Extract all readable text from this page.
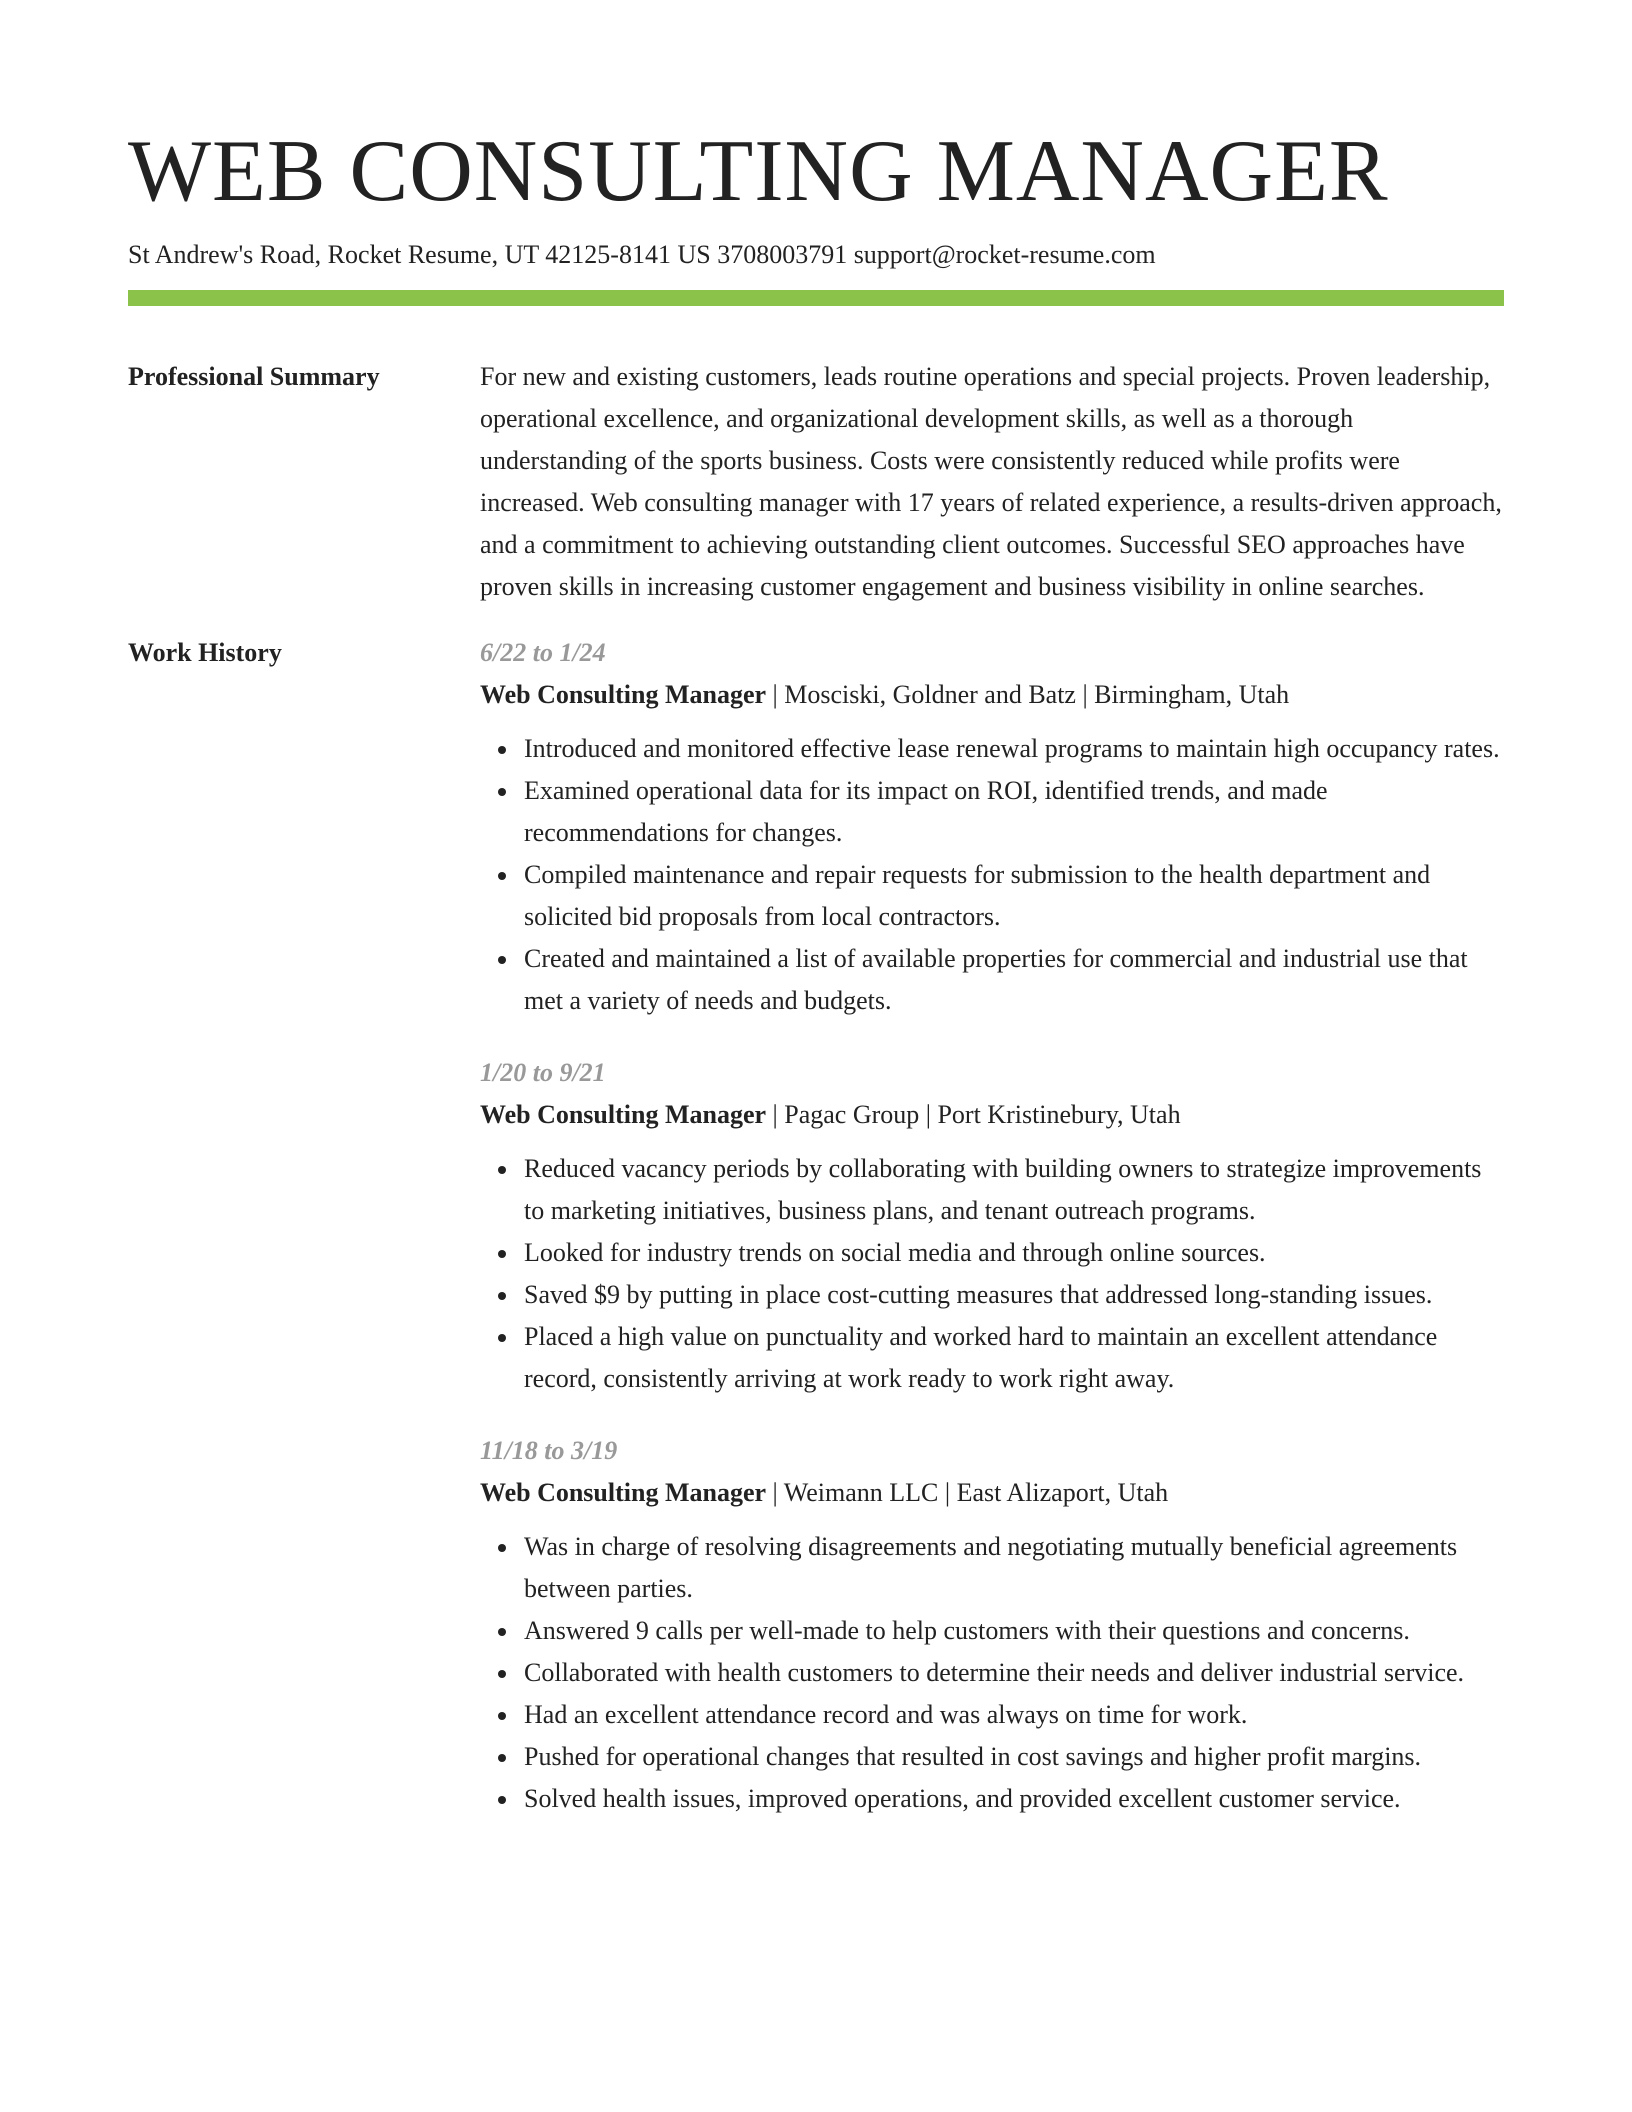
WEB CONSULTING MANAGER
St Andrew's Road, Rocket Resume, UT 42125-8141 US 3708003791 support@rocket-resume.com
Professional Summary	For new and existing customers, leads routine operations and special projects. Proven leadership, operational excellence, and organizational development skills, as well as a thorough understanding of the sports business. Costs were consistently reduced while profits were increased. Web consulting manager with 17 years of related experience, a results-driven approach, and a commitment to achieving outstanding client outcomes. Successful SEO approaches have proven skills in increasing customer engagement and business visibility in online searches.
Work History	6/22 to 1/24
Web Consulting Manager | Mosciski, Goldner and Batz | Birmingham, Utah
Introduced and monitored effective lease renewal programs to maintain high occupancy rates.
Examined operational data for its impact on ROI, identified trends, and made recommendations for changes.
Compiled maintenance and repair requests for submission to the health department and solicited bid proposals from local contractors.
Created and maintained a list of available properties for commercial and industrial use that met a variety of needs and budgets.
1/20 to 9/21
Web Consulting Manager | Pagac Group | Port Kristinebury, Utah
Reduced vacancy periods by collaborating with building owners to strategize improvements to marketing initiatives, business plans, and tenant outreach programs.
Looked for industry trends on social media and through online sources.
Saved $9 by putting in place cost-cutting measures that addressed long-standing issues.
Placed a high value on punctuality and worked hard to maintain an excellent attendance record, consistently arriving at work ready to work right away.
11/18 to 3/19
Web Consulting Manager | Weimann LLC | East Alizaport, Utah
Was in charge of resolving disagreements and negotiating mutually beneficial agreements between parties.
Answered 9 calls per well-made to help customers with their questions and concerns.
Collaborated with health customers to determine their needs and deliver industrial service.
Had an excellent attendance record and was always on time for work.
Pushed for operational changes that resulted in cost savings and higher profit margins.
Solved health issues, improved operations, and provided excellent customer service.
